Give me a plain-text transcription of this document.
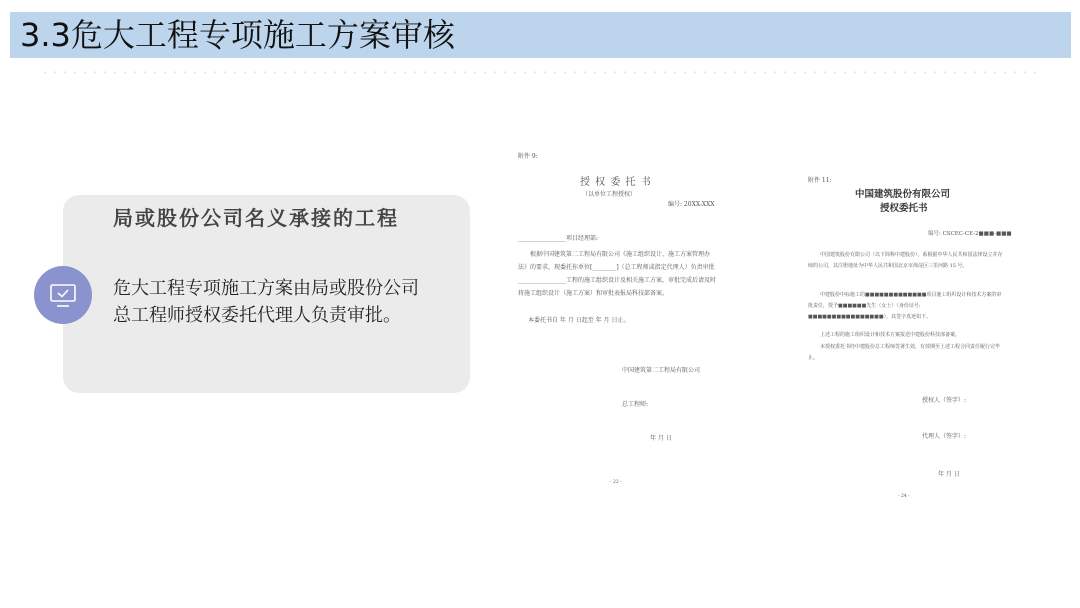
3.3危大工程专项施工方案审核
局或股份公司名义承接的工程
危大工程专项施工方案由局或股份公司总工程师授权委托代理人负责审批。
附件 9:
授 权 委 托 书
（以单位工程授权）
编号: 20XX-XXX
________________项目经理部:
根据中国建筑第二工程局有限公司《施工组织设计、施工方案管理办法》的要求，现委托你单位[________]（总工程师或指定代理人）负责审批________________工程的施工组织设计及相关施工方案，审批完成后请及时将施工组织设计（施工方案）和审批表报局科技部备案。
本委托书自 年 月 日起至 年 月 日止。
中国建筑第二工程局有限公司
总工程师:
年 月 日
- 22 -
附件 11:
中国建筑股份有限公司
授权委托书
编号: CSCEC-CE-2■■■-■■■
中国建筑股份有限公司（以下简称中建股份），系根据中华人民共和国法律设立并存续的公司，其注册地址为中华人民共和国北京市海淀区三里河路 15 号。
中建股份中标施工的■■■■■■■■■■■■■项目施工组织设计和技术方案的审批责任，授予■■■■■■先生（女士）（身份证号: ■■■■■■■■■■■■■■■■），其签字真迹如下。
上述工程的施工组织设计和技术方案报送中建股份科技部备案。
本授权委托书经中建股份总工程师签署生效，有效期至上述工程合同责任履行完毕止。
授权人（签字）:
代理人（签字）:
年 月 日
- 24 -
